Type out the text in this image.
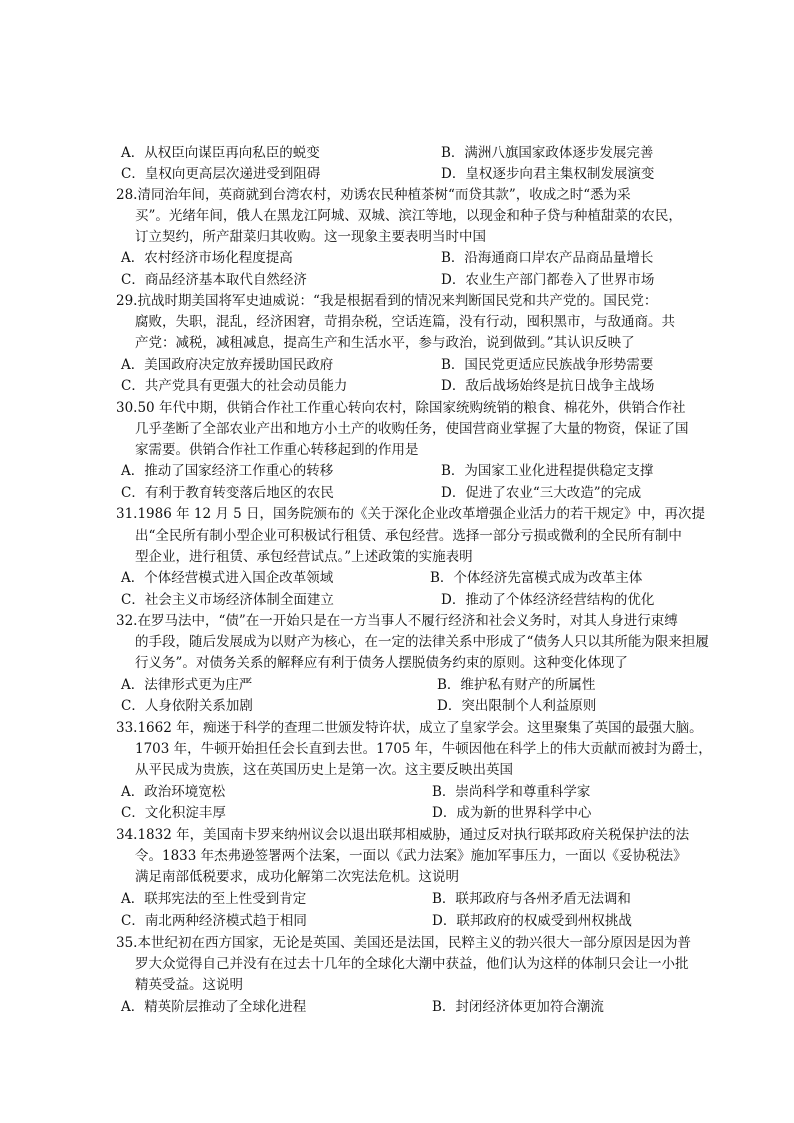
A．从权臣向谋臣再向私臣的蜕变	B．满洲八旗国家政体逐步发展完善
C．皇权向更高层次递进受到阻碍	D．皇权逐步向君主集权制发展演变
28.清同治年间，英商就到台湾农村，劝诱农民种植茶树“而贷其款”，收成之时“悉为采
买”。光绪年间，俄人在黑龙江阿城、双城、滨江等地，以现金和种子贷与种植甜菜的农民，
订立契约，所产甜菜归其收购。这一现象主要表明当时中国
A．农村经济市场化程度提高	B．沿海通商口岸农产品商品量增长
C．商品经济基本取代自然经济	D．农业生产部门都卷入了世界市场
29.抗战时期美国将军史迪威说：“我是根据看到的情况来判断国民党和共产党的。国民党：
腐败，失职，混乱，经济困窘，苛捐杂税，空话连篇，没有行动，囤积黑市，与敌通商。共
产党：减税，减租减息，提高生产和生活水平，参与政治，说到做到。”其认识反映了
A．美国政府决定放弃援助国民政府	B．国民党更适应民族战争形势需要
C．共产党具有更强大的社会动员能力	D．敌后战场始终是抗日战争主战场
30.50 年代中期，供销合作社工作重心转向农村，除国家统购统销的粮食、棉花外，供销合作社
几乎垄断了全部农业产出和地方小土产的收购任务，使国营商业掌握了大量的物资，保证了国
家需要。供销合作社工作重心转移起到的作用是
A．推动了国家经济工作重心的转移	B．为国家工业化进程提供稳定支撑
C．有利于教育转变落后地区的农民	D．促进了农业“三大改造”的完成
31.1986 年 12 月 5 日，国务院颁布的《关于深化企业改革增强企业活力的若干规定》中，再次提
出“全民所有制小型企业可积极试行租赁、承包经营。选择一部分亏损或微利的全民所有制中
型企业，进行租赁、承包经营试点。”上述政策的实施表明
A．个体经营模式进入国企改革领域	B．个体经济先富模式成为改革主体
C．社会主义市场经济体制全面建立	D．推动了个体经济经营结构的优化
32.在罗马法中，“债”在一开始只是在一方当事人不履行经济和社会义务时，对其人身进行束缚
的手段，随后发展成为以财产为核心，在一定的法律关系中形成了“债务人只以其所能为限来担履
行义务”。对债务关系的解释应有利于债务人摆脱债务约束的原则。这种变化体现了
A．法律形式更为庄严	B．维护私有财产的所属性
C．人身依附关系加剧	D．突出限制个人利益原则
33.1662 年，痴迷于科学的查理二世颁发特许状，成立了皇家学会。这里聚集了英国的最强大脑。
1703 年，牛顿开始担任会长直到去世。1705 年，牛顿因他在科学上的伟大贡献而被封为爵士，
从平民成为贵族，这在英国历史上是第一次。这主要反映出英国
A．政治环境宽松	B．崇尚科学和尊重科学家
C．文化积淀丰厚	D．成为新的世界科学中心
34.1832 年，美国南卡罗来纳州议会以退出联邦相威胁，通过反对执行联邦政府关税保护法的法
令。1833 年杰弗逊签署两个法案，一面以《武力法案》施加军事压力，一面以《妥协税法》
满足南部低税要求，成功化解第二次宪法危机。这说明
A．联邦宪法的至上性受到肯定	B．联邦政府与各州矛盾无法调和
C．南北两种经济模式趋于相同	D．联邦政府的权威受到州权挑战
35.本世纪初在西方国家，无论是英国、美国还是法国，民粹主义的勃兴很大一部分原因是因为普
罗大众觉得自己并没有在过去十几年的全球化大潮中获益，他们认为这样的体制只会让一小批
精英受益。这说明
A．精英阶层推动了全球化进程	B．封闭经济体更加符合潮流
